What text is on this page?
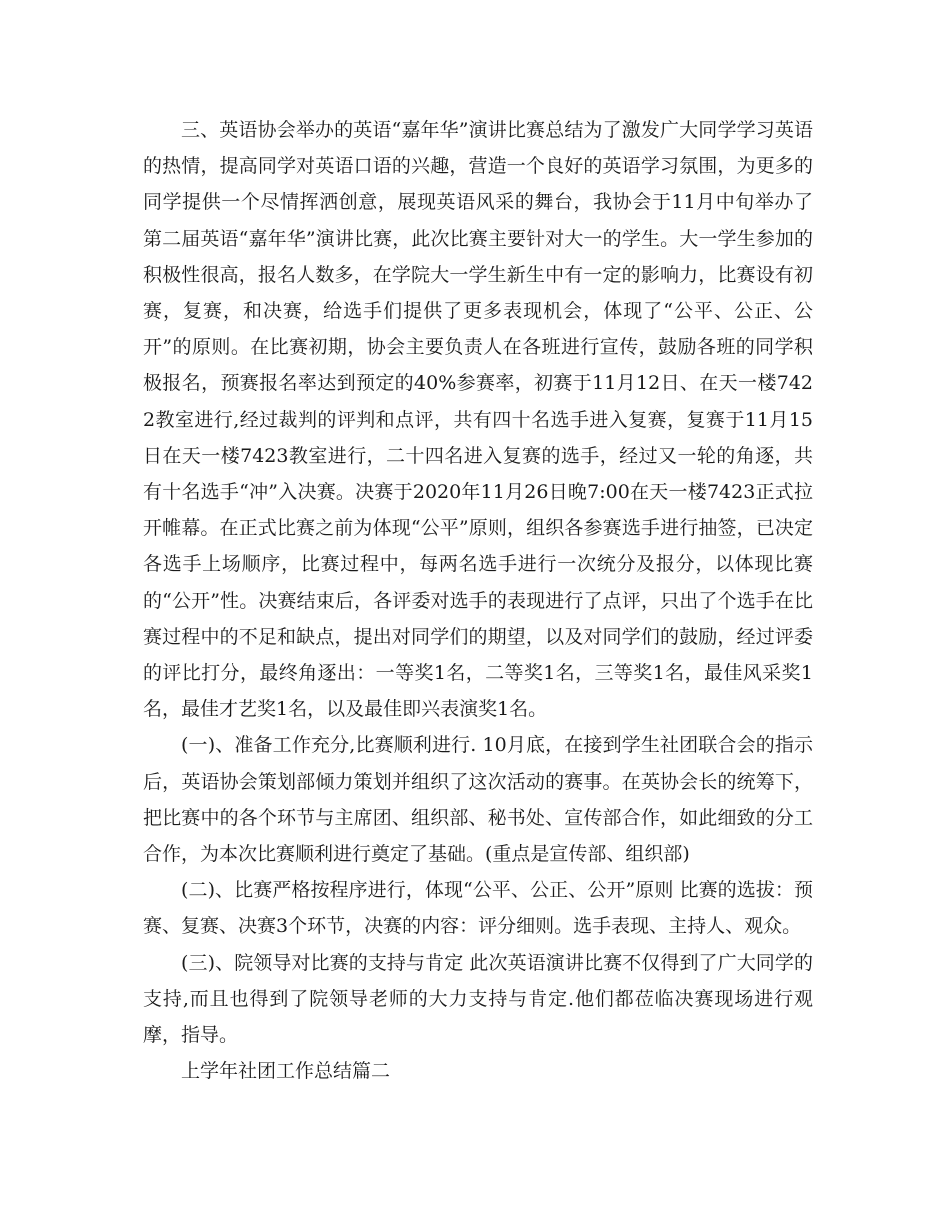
三、英语协会举办的英语“嘉年华”演讲比赛总结为了激发广大同学学习英语的热情，提高同学对英语口语的兴趣，营造一个良好的英语学习氛围，为更多的同学提供一个尽情挥洒创意，展现英语风采的舞台，我协会于11月中旬举办了第二届英语“嘉年华”演讲比赛，此次比赛主要针对大一的学生。大一学生参加的积极性很高，报名人数多，在学院大一学生新生中有一定的影响力，比赛设有初赛，复赛，和决赛，给选手们提供了更多表现机会，体现了“公平、公正、公开”的原则。在比赛初期，协会主要负责人在各班进行宣传，鼓励各班的同学积极报名，预赛报名率达到预定的40%参赛率，初赛于11月12日、在天一楼7422教室进行,经过裁判的评判和点评，共有四十名选手进入复赛，复赛于11月15日在天一楼7423教室进行，二十四名进入复赛的选手，经过又一轮的角逐，共有十名选手“冲”入决赛。决赛于2020年11月26日晚7:00在天一楼7423正式拉开帷幕。在正式比赛之前为体现“公平”原则，组织各参赛选手进行抽签，已决定各选手上场顺序，比赛过程中，每两名选手进行一次统分及报分，以体现比赛的“公开”性。决赛结束后，各评委对选手的表现进行了点评，只出了个选手在比赛过程中的不足和缺点，提出对同学们的期望，以及对同学们的鼓励，经过评委的评比打分，最终角逐出：一等奖1名，二等奖1名，三等奖1名，最佳风采奖1名，最佳才艺奖1名，以及最佳即兴表演奖1名。

(一)、准备工作充分,比赛顺利进行. 10月底，在接到学生社团联合会的指示后，英语协会策划部倾力策划并组织了这次活动的赛事。在英协会长的统筹下，把比赛中的各个环节与主席团、组织部、秘书处、宣传部合作，如此细致的分工合作，为本次比赛顺利进行奠定了基础。(重点是宣传部、组织部)

(二)、比赛严格按程序进行，体现“公平、公正、公开”原则 比赛的选拔：预赛、复赛、决赛3个环节，决赛的内容：评分细则。选手表现、主持人、观众。

(三)、院领导对比赛的支持与肯定 此次英语演讲比赛不仅得到了广大同学的支持,而且也得到了院领导老师的大力支持与肯定.他们都莅临决赛现场进行观摩，指导。

上学年社团工作总结篇二
